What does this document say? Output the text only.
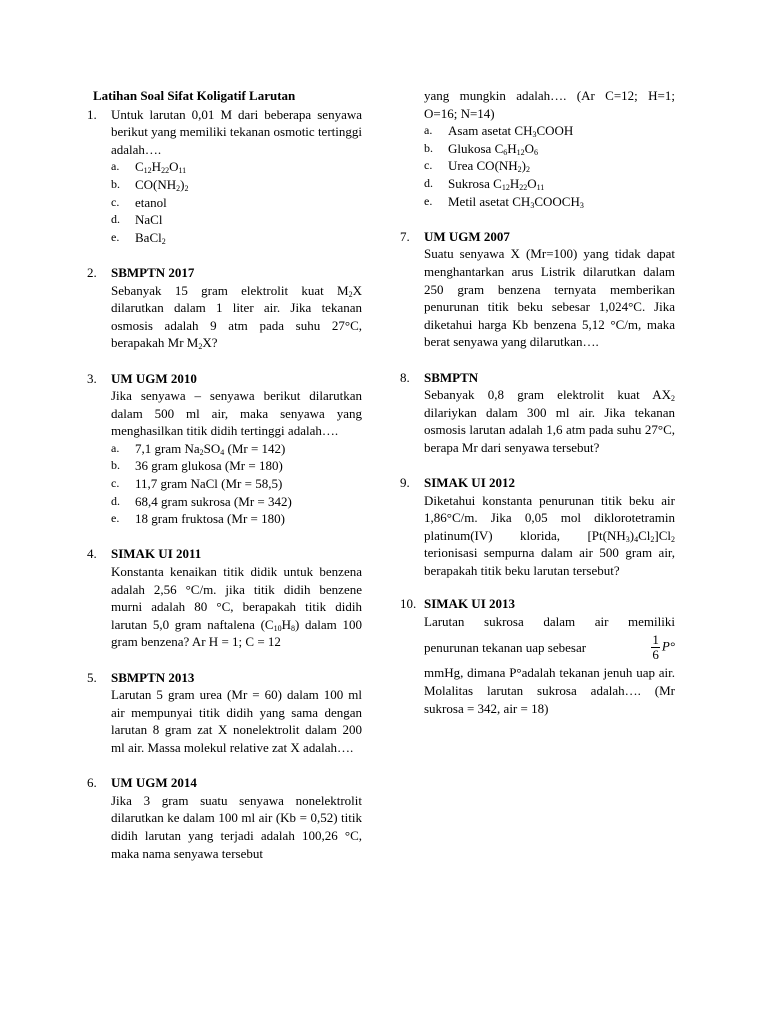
Latihan Soal Sifat Koligatif Larutan
1. Untuk larutan 0,01 M dari beberapa senyawa berikut yang memiliki tekanan osmotic tertinggi adalah….
a. $C_{12}H_{22}O_{11}$
b. $CO(NH_2)_2$
c. etanol
d. NaCl
e. BaCl$_2$
2. SBMPTN 2017
Sebanyak 15 gram elektrolit kuat $M_2X$ dilarutkan dalam 1 liter air. Jika tekanan osmosis adalah 9 atm pada suhu 27°C, berapakah Mr $M_2X$?
3. UM UGM 2010
Jika senyawa – senyawa berikut dilarutkan dalam 500 ml air, maka senyawa yang menghasilkan titik didih tertinggi adalah….
a. 7,1 gram $Na_2SO_4$ (Mr = 142)
b. 36 gram glukosa (Mr = 180)
c. 11,7 gram NaCl (Mr = 58,5)
d. 68,4 gram sukrosa (Mr = 342)
e. 18 gram fruktosa (Mr = 180)
4. SIMAK UI 2011
Konstanta kenaikan titik didik untuk benzena adalah 2,56 °C/m. jika titik didih benzene murni adalah 80 °C, berapakah titik didih larutan 5,0 gram naftalena $(C_{10}H_8)$ dalam 100 gram benzena? Ar H = 1; C = 12
5. SBMPTN 2013
Larutan 5 gram urea (Mr = 60) dalam 100 ml air mempunyai titik didih yang sama dengan larutan 8 gram zat X nonelektrolit dalam 200 ml air. Massa molekul relative zat X adalah….
6. UM UGM 2014
Jika 3 gram suatu senyawa nonelektrolit dilarutkan ke dalam 100 ml air (Kb = 0,52) titik didih larutan yang terjadi adalah 100,26 °C, maka nama senyawa tersebut
yang mungkin adalah…. (Ar C=12; H=1; O=16; N=14)
a. Asam asetat $CH_3COOH$
b. Glukosa $C_6H_{12}O_6$
c. Urea $CO(NH_2)_2$
d. Sukrosa $C_{12}H_{22}O_{11}$
e. Metil asetat $CH_3COOCH_3$
7. UM UGM 2007
Suatu senyawa X (Mr=100) yang tidak dapat menghantarkan arus Listrik dilarutkan dalam 250 gram benzena ternyata memberikan penurunan titik beku sebesar 1,024°C. Jika diketahui harga Kb benzena 5,12 °C/m, maka berat senyawa yang dilarutkan….
8. SBMPTN
Sebanyak 0,8 gram elektrolit kuat $AX_2$ dilariykan dalam 300 ml air. Jika tekanan osmosis larutan adalah 1,6 atm pada suhu 27°C, berapa Mr dari senyawa tersebut?
9. SIMAK UI 2012
Diketahui konstanta penurunan titik beku air 1,86°C/m. Jika 0,05 mol diklorotetramin platinum(IV) klorida, $[Pt(NH_3)_4Cl_2]Cl_2$ terionisasi sempurna dalam air 500 gram air, berapakah titik beku larutan tersebut?
10. SIMAK UI 2013
Larutan sukrosa dalam air memiliki
penurunan tekanan uap sebesar	$\frac{1}{6} P^\circ$
mmHg, dimana P°adalah tekanan jenuh uap air. Molalitas larutan sukrosa adalah…. (Mr sukrosa = 342, air = 18)
